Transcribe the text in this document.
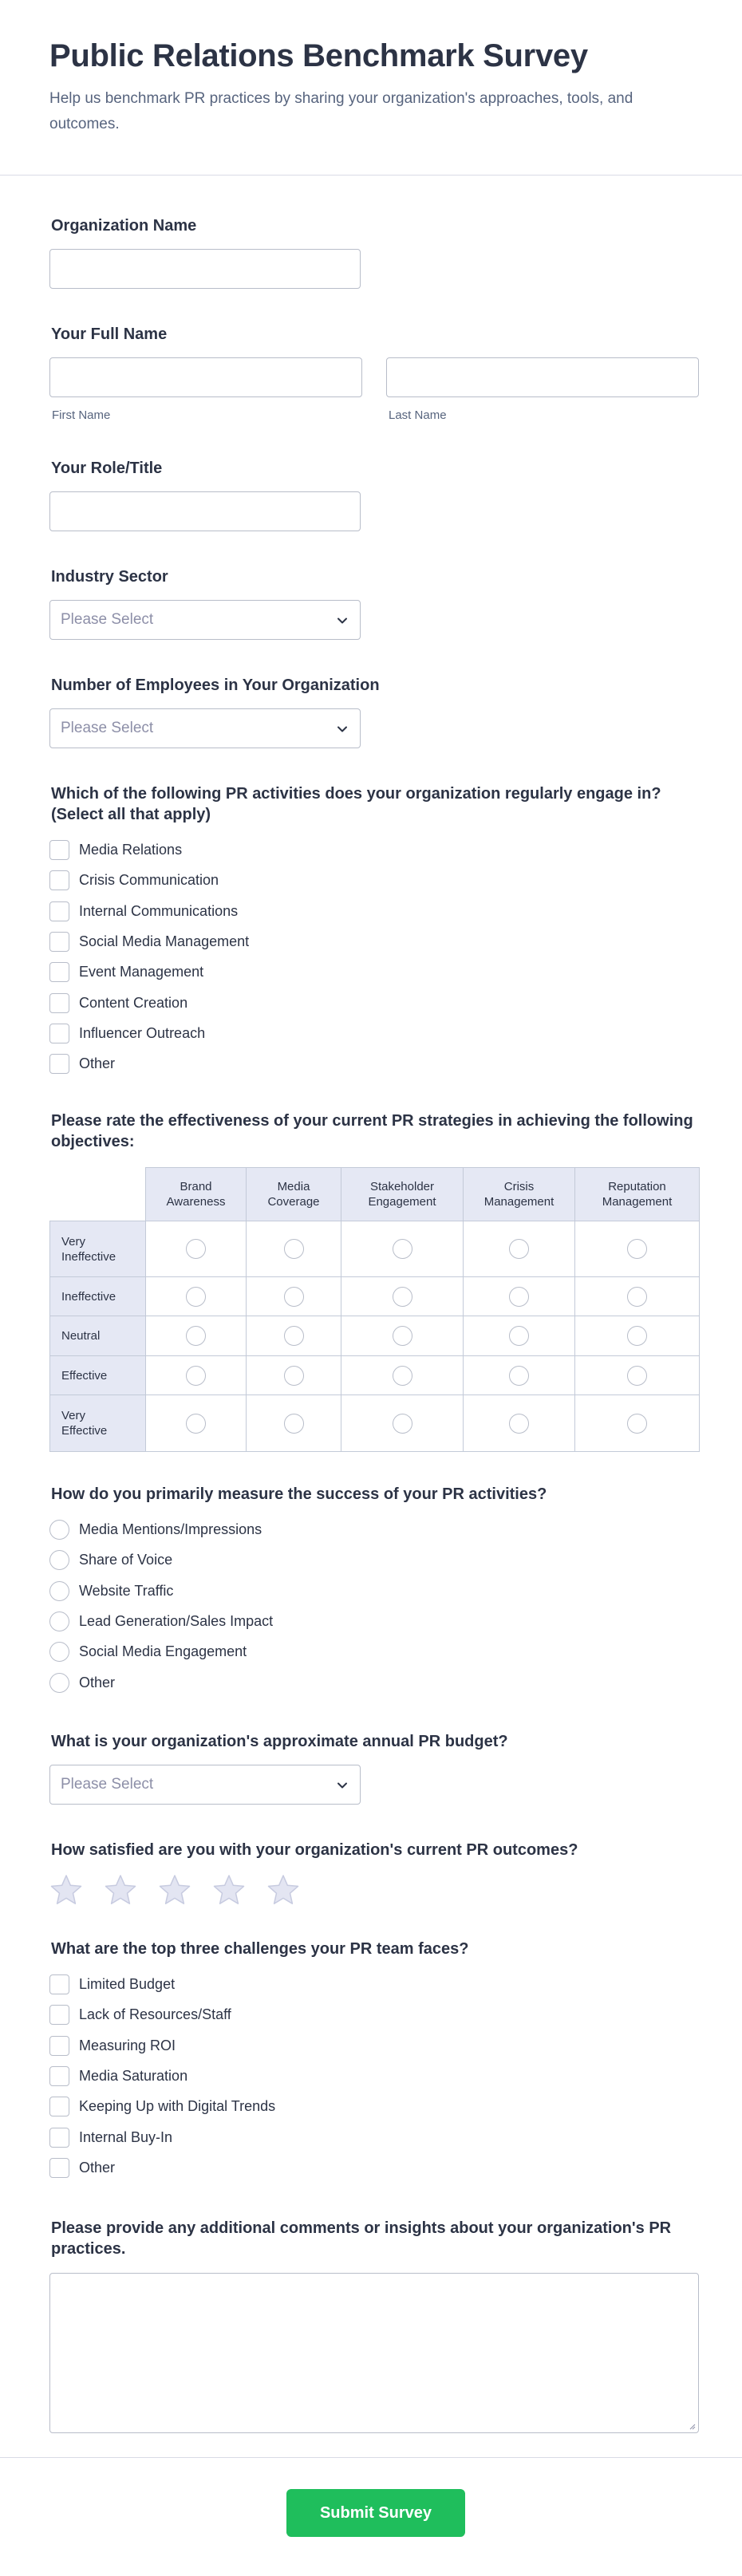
Public Relations Benchmark Survey

Help us benchmark PR practices by sharing your organization's approaches, tools, and outcomes.

Organization Name
Your Full Name
First Name	Last Name
Your Role/Title
Industry Sector
Please Select
Number of Employees in Your Organization
Please Select
Which of the following PR activities does your organization regularly engage in?
(Select all that apply)
Media Relations
Crisis Communication
Internal Communications
Social Media Management
Event Management
Content Creation
Influencer Outreach
Other
Please rate the effectiveness of your current PR strategies in achieving the following
objectives:
Brand
Awareness
Media
Coverage
Stakeholder
Engagement
Crisis
Management
Reputation
Management
Very
Ineffective
Ineffective
Neutral
Effective
Very
Effective
How do you primarily measure the success of your PR activities?
Media Mentions/Impressions
Share of Voice
Website Traffic
Lead Generation/Sales Impact
Social Media Engagement
Other
What is your organization's approximate annual PR budget?
Please Select
How satisfied are you with your organization's current PR outcomes?
What are the top three challenges your PR team faces?
Limited Budget
Lack of Resources/Staff
Measuring ROI
Media Saturation
Keeping Up with Digital Trends
Internal Buy-In
Other
Please provide any additional comments or insights about your organization's PR
practices.
Submit Survey
